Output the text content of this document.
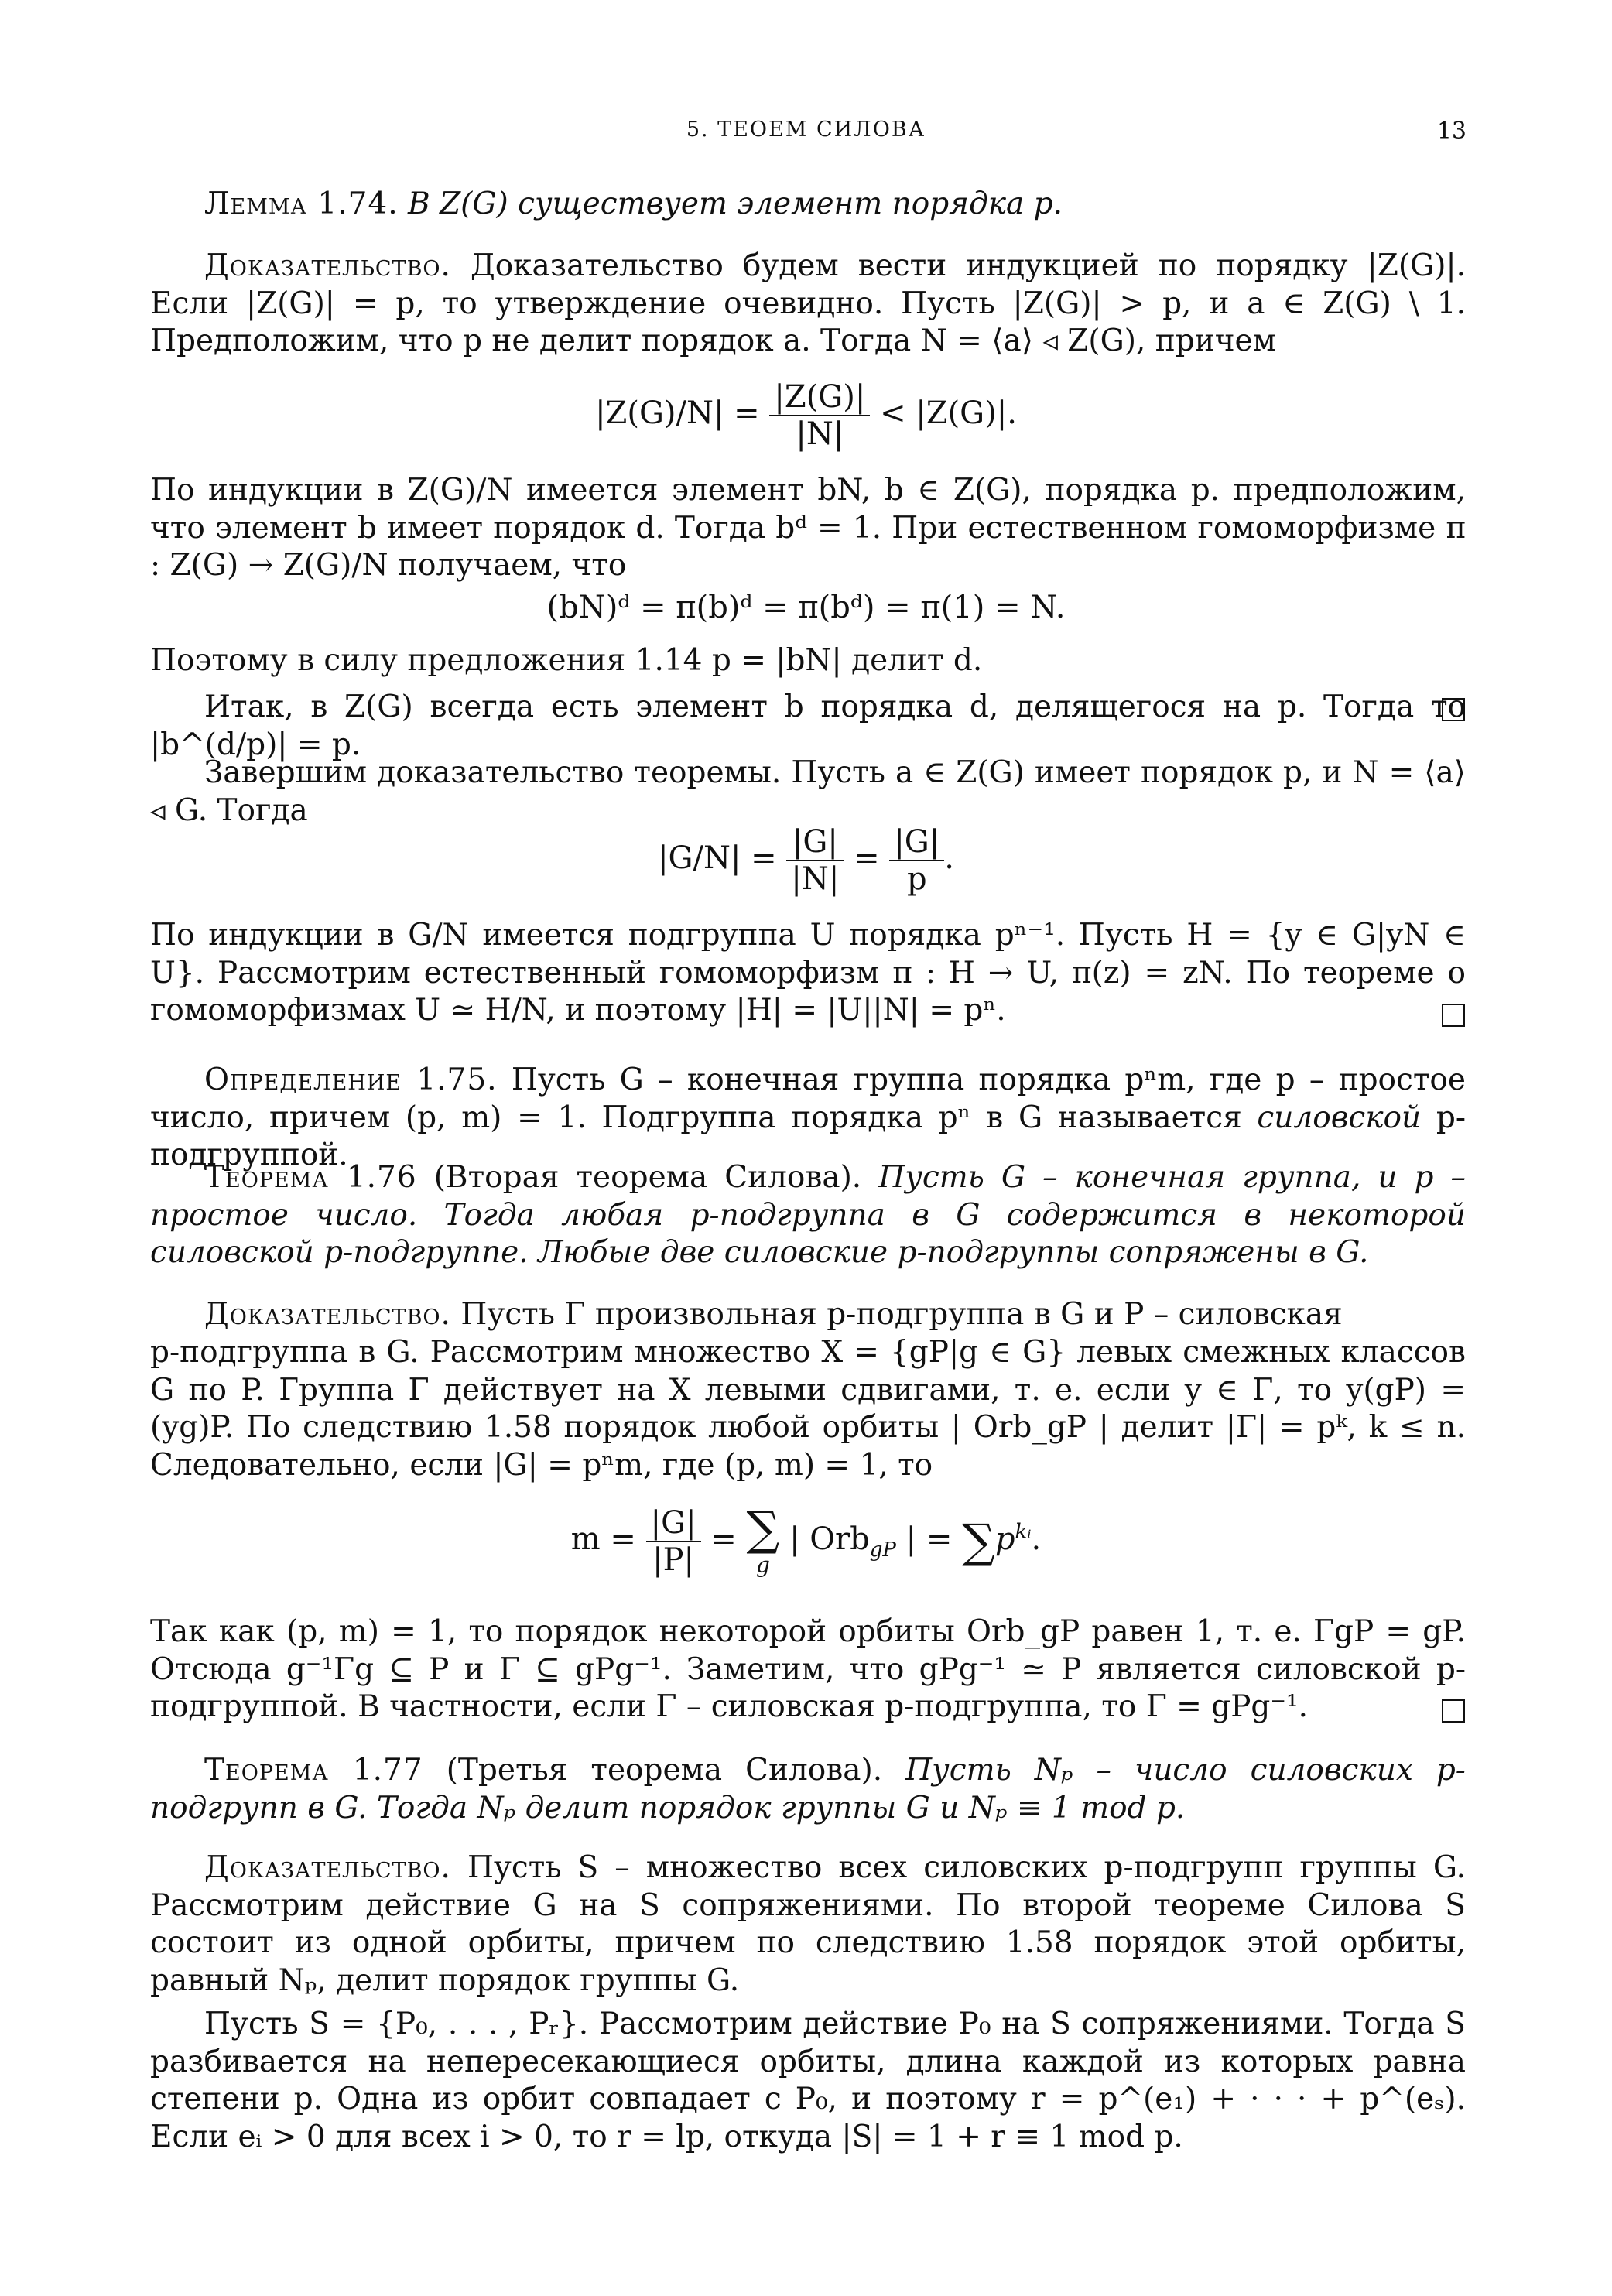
5. ТЕОЕМ СИЛОВА	13
Лемма 1.74. В Z(G) существует элемент порядка p.
Доказательство. Доказательство будем вести индукцией по порядку |Z(G)|. Если |Z(G)| = p, то утверждение очевидно. Пусть |Z(G)| > p, и a ∈ Z(G) \ 1. Предположим, что p не делит порядок a. Тогда N = ⟨a⟩ ◃ Z(G), причем
$|Z(G)/N| = \frac{|Z(G)|}{|N|} < |Z(G)|$.
По индукции в Z(G)/N имеется элемент bN, b ∈ Z(G), порядка p. предположим, что элемент b имеет порядок d. Тогда bᵈ = 1. При естественном гомоморфизме π : Z(G) → Z(G)/N получаем, что
(bN)ᵈ = π(b)ᵈ = π(bᵈ) = π(1) = N.
Поэтому в силу предложения 1.14 p = |bN| делит d.
Итак, в Z(G) всегда есть элемент b порядка d, делящегося на p. Тогда то |b^(d/p)| = p.
Завершим доказательство теоремы. Пусть a ∈ Z(G) имеет порядок p, и N = ⟨a⟩ ◃ G. Тогда
$|G/N| = \frac{|G|}{|N|} = \frac{|G|}{p}$ .
По индукции в G/N имеется подгруппа U порядка pⁿ⁻¹. Пусть H = {y ∈ G|yN ∈ U}. Рассмотрим естественный гомоморфизм π : H → U, π(z) = zN. По теореме о гомоморфизмах U ≃ H/N, и поэтому |H| = |U||N| = pⁿ.
Определение 1.75. Пусть G – конечная группа порядка pⁿm, где p – простое число, причем (p, m) = 1. Подгруппа порядка pⁿ в G называется силовской p-подгруппой.
Теорема 1.76 (Вторая теорема Силова). Пусть G – конечная группа, и p – простое число. Тогда любая p-подгруппа в G содержится в некоторой силовской p-подгруппе. Любые две силовские p-подгруппы сопряжены в G.
Доказательство. Пусть Γ произвольная p-подгруппа в G и P – силовская
p-подгруппа в G. Рассмотрим множество X = {gP|g ∈ G} левых смежных классов G по P. Группа Γ действует на X левыми сдвигами, т. е. если y ∈ Γ, то y(gP) = (yg)P. По следствию 1.58 порядок любой орбиты | Orb_gP | делит |Γ| = pᵏ, k ≤ n. Следовательно, если |G| = pⁿm, где (p, m) = 1, то
$m = \frac{|G|}{|P|}$ = ∑
g
| Orb$_{gP}$ | = $\sum p^{kᵢ}$.
Так как (p, m) = 1, то порядок некоторой орбиты Orb_gP равен 1, т. е. ΓgP = gP. Отсюда g⁻¹Γg ⊆ P и Γ ⊆ gPg⁻¹. Заметим, что gPg⁻¹ ≃ P является силовской p-подгруппой. В частности, если Γ – силовская p-подгруппа, то Γ = gPg⁻¹.
Теорема 1.77 (Третья теорема Силова). Пусть Nₚ – число силовских p-подгрупп в G. Тогда Nₚ делит порядок группы G и Nₚ ≡ 1 mod p.
Доказательство. Пусть S – множество всех силовских p-подгрупп группы G. Рассмотрим действие G на S сопряжениями. По второй теореме Силова S состоит из одной орбиты, причем по следствию 1.58 порядок этой орбиты, равный Nₚ, делит порядок группы G.
Пусть S = {P₀, . . . , Pᵣ}. Рассмотрим действие P₀ на S сопряжениями. Тогда S разбивается на непересекающиеся орбиты, длина каждой из которых равна степени p. Одна из орбит совпадает с P₀, и поэтому r = p^(e₁) + · · · + p^(eₛ). Если eᵢ > 0 для всех i > 0, то r = lp, откуда |S| = 1 + r ≡ 1 mod p.
